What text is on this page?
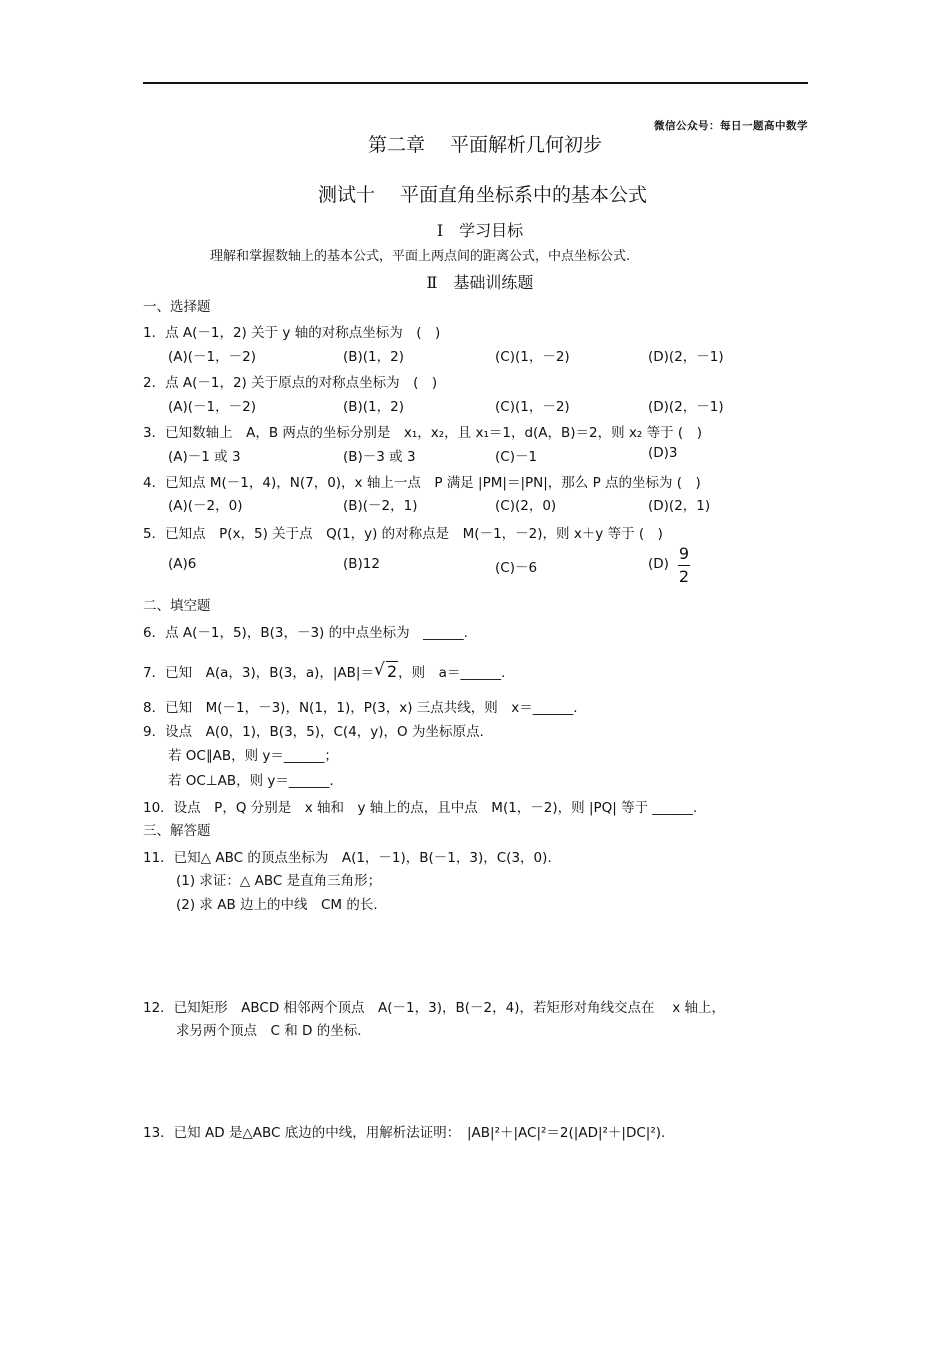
微信公众号：每日一题高中数学
第二章　 平面解析几何初步
测试十　 平面直角坐标系中的基本公式
Ⅰ　学习目标
理解和掌握数轴上的基本公式，平面上两点间的距离公式，中点坐标公式.
Ⅱ　基础训练题
一、选择题
1．点 A(－1，2) 关于 y 轴的对称点坐标为　(　)
(A)(－1，－2)	(B)(1，2)	(C)(1，－2)	(D)(2，－1)
2．点 A(－1，2) 关于原点的对称点坐标为　(　)
(A)(－1，－2)	(B)(1，2)	(C)(1，－2)	(D)(2，－1)
3．已知数轴上　A，B 两点的坐标分别是　x₁，x₂，且 x₁＝1，d(A，B)＝2，则 x₂ 等于 (　)
(A)－1 或 3	(B)－3 或 3	(C)－1	(D)3
4．已知点 M(－1，4)，N(7，0)，x 轴上一点　P 满足 |PM|＝|PN|，那么 P 点的坐标为 (　)
(A)(－2，0)	(B)(－2，1)	(C)(2，0)	(D)(2，1)
5．已知点　P(x，5) 关于点　Q(1，y) 的对称点是　M(－1，－2)，则 x＋y 等于 (　)
(A)6	(B)12	(C)－6	(D)
9
2
二、填空题
6．点 A(－1，5)，B(3，－3) 的中点坐标为　______.
7．已知　A(a，3)，B(3，a)，|AB|＝√ 2，则　a＝______.
8．已知　M(－1，－3)，N(1，1)，P(3，x) 三点共线，则　x＝______.
9．设点　A(0，1)，B(3，5)，C(4，y)，O 为坐标原点.
若 OC∥AB，则 y＝______；
若 OC⊥AB，则 y＝______.
10．设点　P，Q 分别是　x 轴和　y 轴上的点，且中点　M(1，－2)，则 |PQ| 等于 ______.
三、解答题
11．已知△ ABC 的顶点坐标为　A(1，－1)，B(－1，3)，C(3，0).
(1) 求证：△ ABC 是直角三角形；
(2) 求 AB 边上的中线　CM 的长.
12．已知矩形　ABCD 相邻两个顶点　A(－1，3)，B(－2，4)，若矩形对角线交点在　 x 轴上，
求另两个顶点　C 和 D 的坐标.
13．已知 AD 是△ABC 底边的中线，用解析法证明：　|AB|²＋|AC|²＝2(|AD|²＋|DC|²).
